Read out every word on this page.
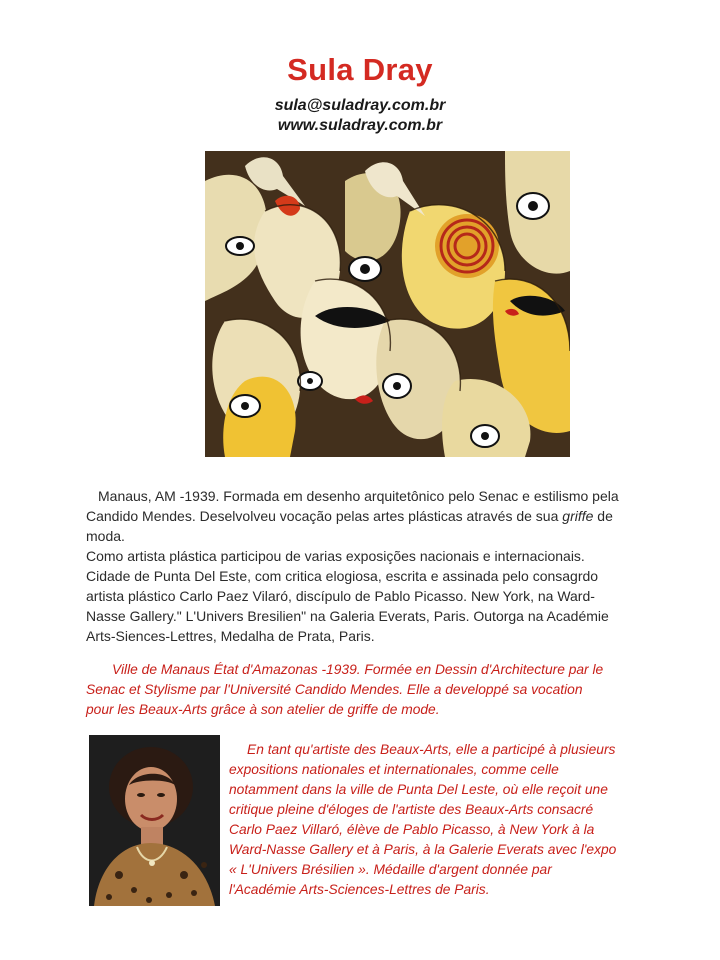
Sula Dray
sula@suladray.com.br
www.suladray.com.br
Manaus, AM -1939. Formada em desenho arquitetônico pelo Senac e estilismo pela
Candido Mendes. Deselvolveu vocação pelas artes plásticas através de sua griffe de
moda.
Como artista plástica participou de varias exposições nacionais e internacionais.
Cidade de Punta Del Este, com critica elogiosa, escrita e assinada pelo consagrdo
artista plástico Carlo Paez Vilaró, discípulo de Pablo Picasso. New York, na Ward-
Nasse Gallery." L'Univers Bresilien" na Galeria Everats, Paris. Outorga na Académie
Arts-Siences-Lettres, Medalha de Prata, Paris.
Ville de Manaus État d'Amazonas -1939. Formée en Dessin d'Architecture par le
Senac et Stylisme par l'Université Candido Mendes. Elle a developpé sa vocation
pour les Beaux-Arts grâce à son atelier de griffe de mode.
En tant qu'artiste des Beaux-Arts, elle a participé à plusieurs
expositions nationales et internationales, comme celle
notamment dans la ville de Punta Del Leste, où elle reçoit une
critique pleine d'éloges de l'artiste des Beaux-Arts consacré
Carlo Paez Villaró, élève de Pablo Picasso, à New York à la
Ward-Nasse Gallery et à Paris, à la Galerie Everats avec l'expo
« L'Univers Brésilien ». Médaille d'argent donnée par
l'Académie Arts-Sciences-Lettres de Paris.
